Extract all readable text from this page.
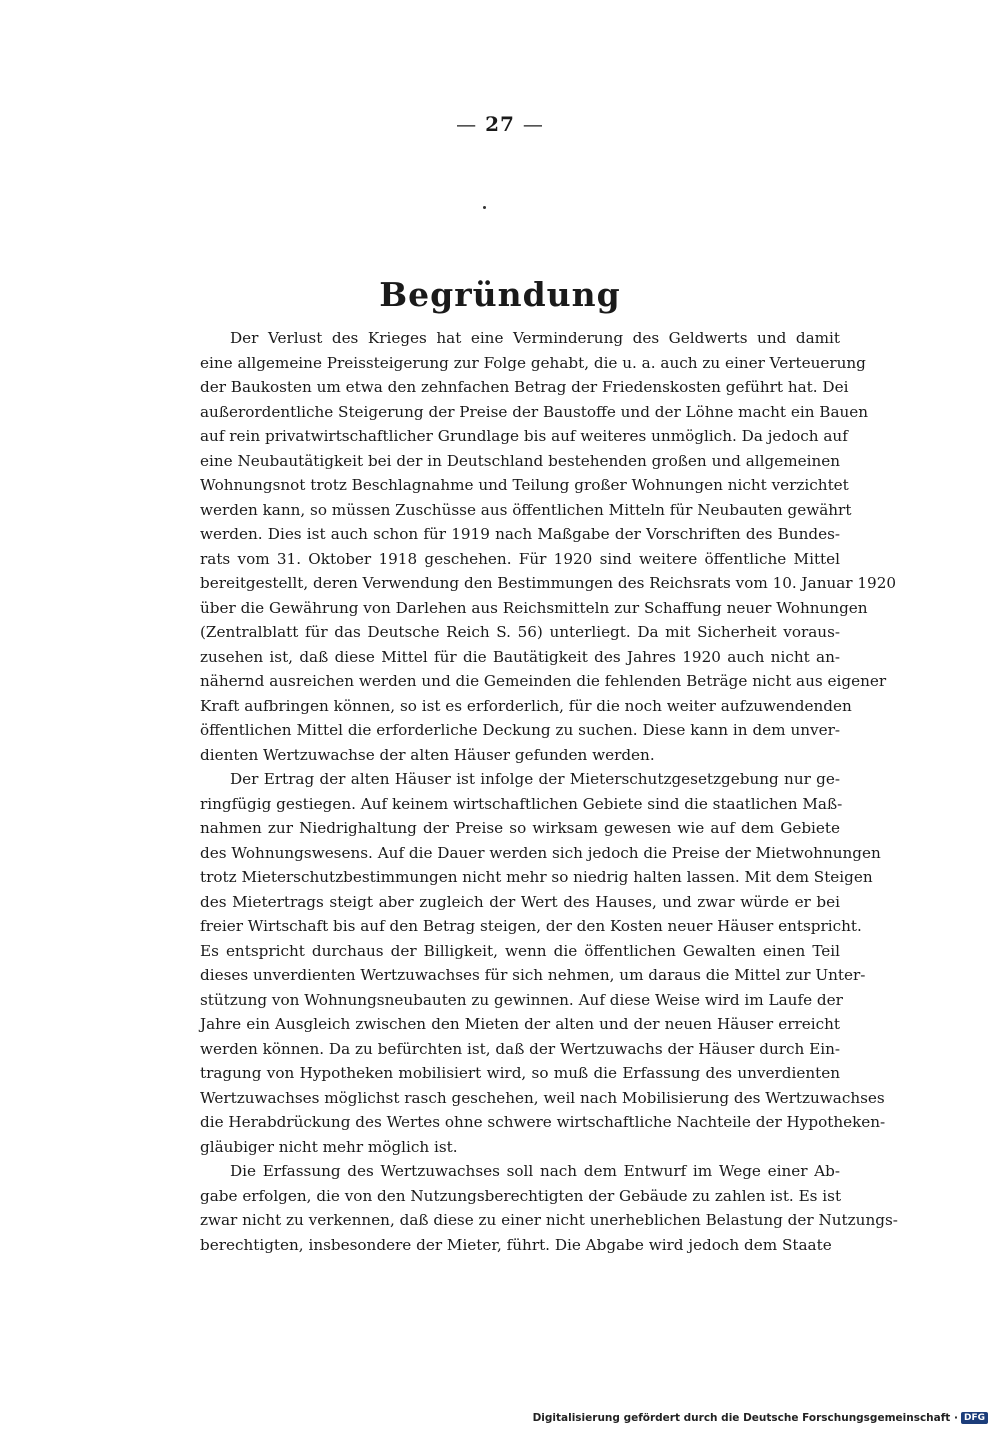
— 27 —
Begründung
Der Verlust des Krieges hat eine Verminderung des Geldwerts und damit
eine allgemeine Preissteigerung zur Folge gehabt, die u. a. auch zu einer Verteuerung
der Baukosten um etwa den zehnfachen Betrag der Friedenskosten geführt hat. Dei
außerordentliche Steigerung der Preise der Baustoffe und der Löhne macht ein Bauen
auf rein privatwirtschaftlicher Grundlage bis auf weiteres unmöglich. Da jedoch auf
eine Neubautätigkeit bei der in Deutschland bestehenden großen und allgemeinen
Wohnungsnot trotz Beschlagnahme und Teilung großer Wohnungen nicht verzichtet
werden kann, so müssen Zuschüsse aus öffentlichen Mitteln für Neubauten gewährt
werden. Dies ist auch schon für 1919 nach Maßgabe der Vorschriften des Bundes-
rats vom 31. Oktober 1918 geschehen. Für 1920 sind weitere öffentliche Mittel
bereitgestellt, deren Verwendung den Bestimmungen des Reichsrats vom 10. Januar 1920
über die Gewährung von Darlehen aus Reichsmitteln zur Schaffung neuer Wohnungen
(Zentralblatt für das Deutsche Reich S. 56) unterliegt. Da mit Sicherheit voraus-
zusehen ist, daß diese Mittel für die Bautätigkeit des Jahres 1920 auch nicht an-
nähernd ausreichen werden und die Gemeinden die fehlenden Beträge nicht aus eigener
Kraft aufbringen können, so ist es erforderlich, für die noch weiter aufzuwendenden
öffentlichen Mittel die erforderliche Deckung zu suchen. Diese kann in dem unver-
dienten Wertzuwachse der alten Häuser gefunden werden.
Der Ertrag der alten Häuser ist infolge der Mieterschutzgesetzgebung nur ge-
ringfügig gestiegen. Auf keinem wirtschaftlichen Gebiete sind die staatlichen Maß-
nahmen zur Niedrighaltung der Preise so wirksam gewesen wie auf dem Gebiete
des Wohnungswesens. Auf die Dauer werden sich jedoch die Preise der Mietwohnungen
trotz Mieterschutzbestimmungen nicht mehr so niedrig halten lassen. Mit dem Steigen
des Mietertrags steigt aber zugleich der Wert des Hauses, und zwar würde er bei
freier Wirtschaft bis auf den Betrag steigen, der den Kosten neuer Häuser entspricht.
Es entspricht durchaus der Billigkeit, wenn die öffentlichen Gewalten einen Teil
dieses unverdienten Wertzuwachses für sich nehmen, um daraus die Mittel zur Unter-
stützung von Wohnungsneubauten zu gewinnen. Auf diese Weise wird im Laufe der
Jahre ein Ausgleich zwischen den Mieten der alten und der neuen Häuser erreicht
werden können. Da zu befürchten ist, daß der Wertzuwachs der Häuser durch Ein-
tragung von Hypotheken mobilisiert wird, so muß die Erfassung des unverdienten
Wertzuwachses möglichst rasch geschehen, weil nach Mobilisierung des Wertzuwachses
die Herabdrückung des Wertes ohne schwere wirtschaftliche Nachteile der Hypotheken-
gläubiger nicht mehr möglich ist.
Die Erfassung des Wertzuwachses soll nach dem Entwurf im Wege einer Ab-
gabe erfolgen, die von den Nutzungsberechtigten der Gebäude zu zahlen ist. Es ist
zwar nicht zu verkennen, daß diese zu einer nicht unerheblichen Belastung der Nutzungs-
berechtigten, insbesondere der Mieter, führt. Die Abgabe wird jedoch dem Staate
Digitalisierung gefördert durch die Deutsche Forschungsgemeinschaft · DFG
